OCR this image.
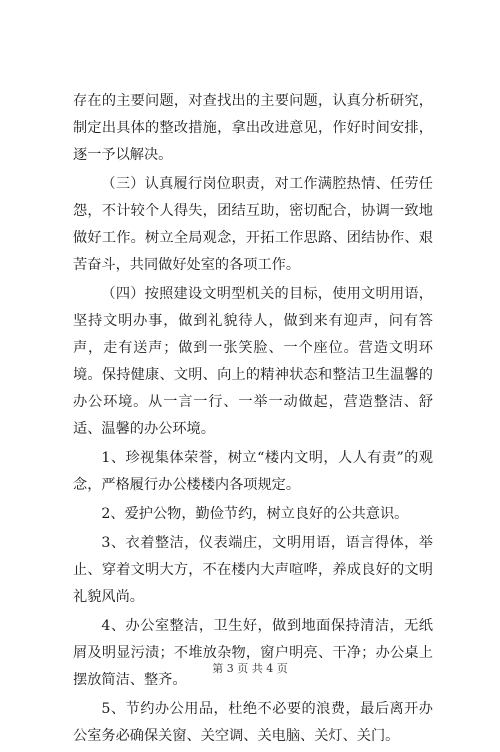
存在的主要问题，对查找出的主要问题，认真分析研究，制定出具体的整改措施，拿出改进意见，作好时间安排，逐一予以解决。

（三）认真履行岗位职责，对工作满腔热情、任劳任怨，不计较个人得失，团结互助，密切配合，协调一致地做好工作。树立全局观念，开拓工作思路、团结协作、艰苦奋斗，共同做好处室的各项工作。

（四）按照建设文明型机关的目标，使用文明用语，坚持文明办事，做到礼貌待人，做到来有迎声，问有答声，走有送声；做到一张笑脸、一个座位。营造文明环境。保持健康、文明、向上的精神状态和整洁卫生温馨的办公环境。从一言一行、一举一动做起，营造整洁、舒适、温馨的办公环境。

1、珍视集体荣誉，树立“楼内文明，人人有责”的观念，严格履行办公楼楼内各项规定。

2、爱护公物，勤俭节约，树立良好的公共意识。

3、衣着整洁，仪表端庄，文明用语，语言得体，举止、穿着文明大方，不在楼内大声喧哗，养成良好的文明礼貌风尚。

4、办公室整洁，卫生好，做到地面保持清洁，无纸屑及明显污渍；不堆放杂物，窗户明亮、干净；办公桌上摆放简洁、整齐。

5、节约办公用品，杜绝不必要的浪费，最后离开办公室务必确保关窗、关空调、关电脑、关灯、关门。

第 3 页 共 4 页
